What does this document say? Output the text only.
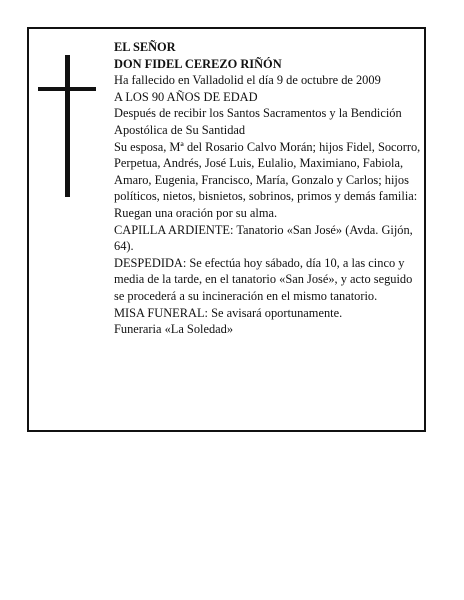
EL SEÑOR

DON FIDEL CEREZO RIÑÓN

Ha fallecido en Valladolid el día 9 de octubre de 2009

A LOS 90 AÑOS DE EDAD

Después de recibir los Santos Sacramentos y la Bendición Apostólica de Su Santidad

Su esposa, Mª del Rosario Calvo Morán; hijos Fidel, Socorro, Perpetua, Andrés, José Luis, Eulalio, Maximiano, Fabiola, Amaro, Eugenia, Francisco, María, Gonzalo y Carlos; hijos políticos, nietos, bisnietos, sobrinos, primos y demás familia:

Ruegan una oración por su alma.

CAPILLA ARDIENTE: Tanatorio «San José» (Avda. Gijón, 64).

DESPEDIDA: Se efectúa hoy sábado, día 10, a las cinco y media de la tarde, en el tanatorio «San José», y acto seguido se procederá a su incineración en el mismo tanatorio.

MISA FUNERAL: Se avisará oportunamente.

Funeraria «La Soledad»
